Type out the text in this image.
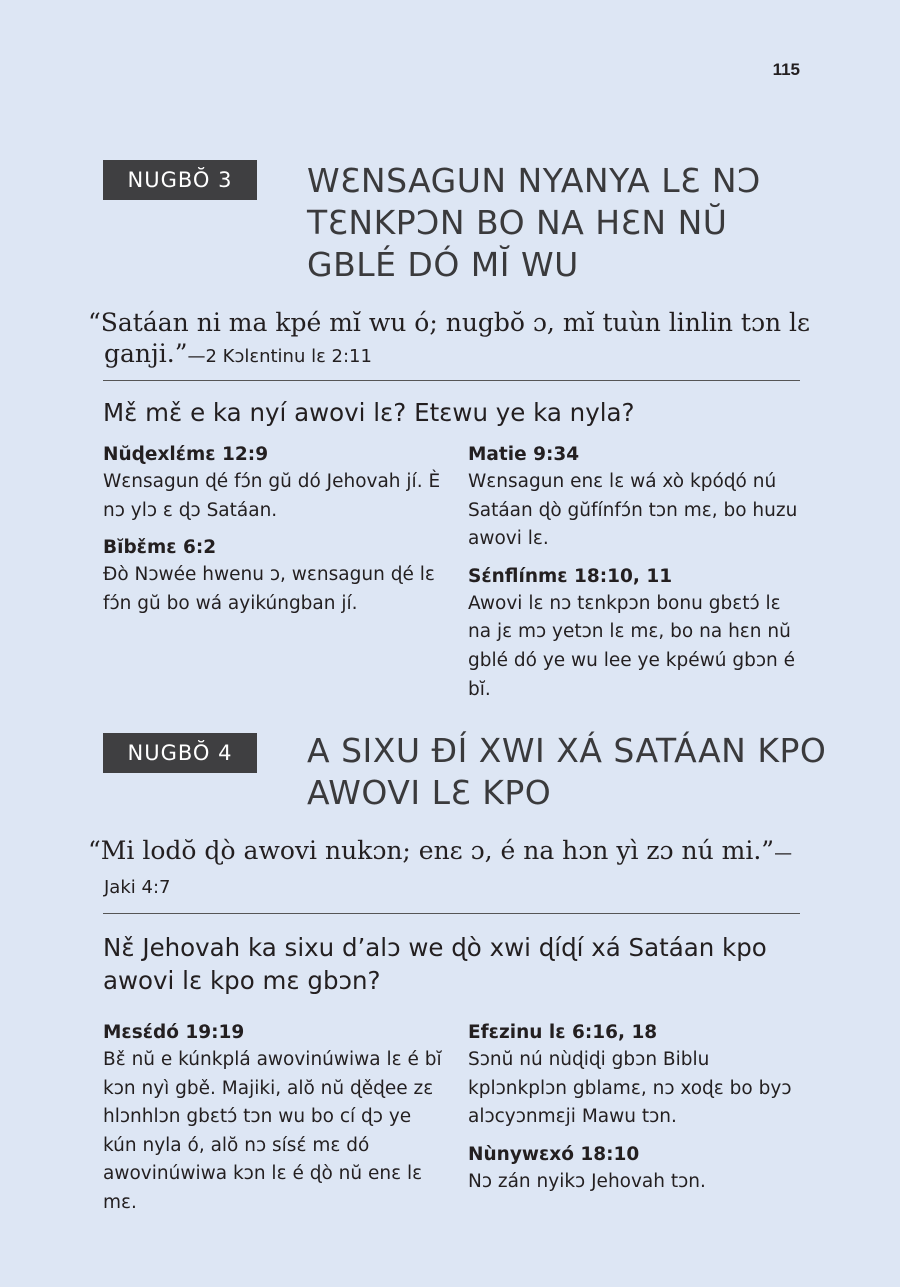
115
NUGBŎ 3	WƐNSAGUN NYANYA LƐ NƆ TƐNKPƆN BO NA HƐN NŬ GBLÉ DÓ MĬ WU
“Satáan ni ma kpé mĭ wu ó; nugbŏ ɔ, mĭ tuùn linlin tɔn lɛ ganji.”—2 Kɔlɛntinu lɛ 2:11
Mɛ̌ mɛ̌ e ka nyí awovi lɛ? Etɛwu ye ka nyla?
Nŭɖexlɛ́mɛ 12:9
Wɛnsagun ɖé fɔ́n gŭ dó Jehovah jí. È nɔ ylɔ ɛ ɖɔ Satáan.
Bĭbɛ̌mɛ 6:2
Ðò Nɔwée hwenu ɔ, wɛnsagun ɖé lɛ fɔ́n gŭ bo wá ayikúngban jí.
Matie 9:34
Wɛnsagun enɛ lɛ wá xò kpóɖó nú Satáan ɖò gŭfínfɔ́n tɔn mɛ, bo huzu awovi lɛ.
Sɛ́nflínmɛ 18:10, 11
Awovi lɛ nɔ tɛnkpɔn bonu gbɛtɔ́ lɛ na jɛ mɔ yetɔn lɛ mɛ, bo na hɛn nŭ gblé dó ye wu lee ye kpéwú gbɔn é bĭ.
NUGBŎ 4	A SIXU ÐÍ XWI XÁ SATÁAN KPO AWOVI LƐ KPO
“Mi lodŏ ɖò awovi nukɔn; enɛ ɔ, é na hɔn yì zɔ nú mi.”—Jaki 4:7
Nɛ̌ Jehovah ka sixu d’alɔ we ɖò xwi ɖíɖí xá Satáan kpo awovi lɛ kpo mɛ gbɔn?
Mɛsɛ́dó 19:19
Bɛ̌ nŭ e kúnkplá awovinúwiwa lɛ é bĭ kɔn nyì gbě. Majiki, alŏ nŭ ɖěɖee zɛ hlɔnhlɔn gbɛtɔ́ tɔn wu bo cí ɖɔ ye kún nyla ó, alŏ nɔ sísɛ́ mɛ dó awovinúwiwa kɔn lɛ é ɖò nŭ enɛ lɛ mɛ.
Efɛzinu lɛ 6:16, 18
Sɔnŭ nú nùɖiɖi gbɔn Biblu kplɔnkplɔn gblamɛ, nɔ xoɖɛ bo byɔ alɔcyɔnmɛji Mawu tɔn.
Nùnywɛxó 18:10
Nɔ zán nyikɔ Jehovah tɔn.
